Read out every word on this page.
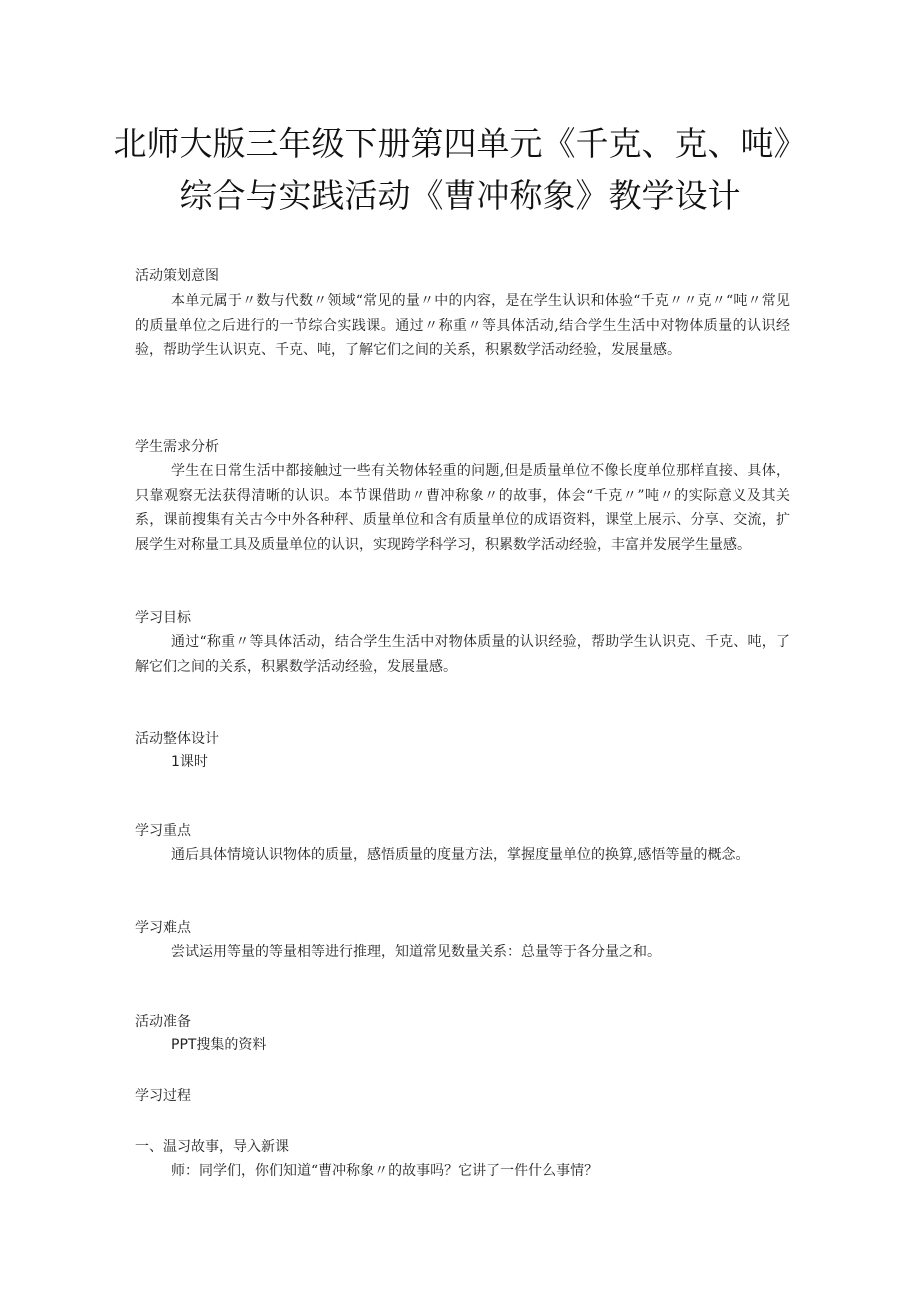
北师大版三年级下册第四单元《千克、克、吨》
综合与实践活动《曹冲称象》教学设计
活动策划意图
本单元属于〃数与代数〃领域“常见的量〃中的内容，是在学生认识和体验“千克〃〃克〃“吨〃常见的质量单位之后进行的一节综合实践课。通过〃称重〃等具体活动,结合学生生活中对物体质量的认识经验，帮助学生认识克、千克、吨，了解它们之间的关系，积累数学活动经验，发展量感。
学生需求分析
学生在日常生活中都接触过一些有关物体轻重的问题,但是质量单位不像长度单位那样直接、具体，只靠观察无法获得清晰的认识。本节课借助〃曹冲称象〃的故事，体会“千克〃”吨〃的实际意义及其关系，课前搜集有关古今中外各种秤、质量单位和含有质量单位的成语资料，课堂上展示、分享、交流，扩展学生对称量工具及质量单位的认识，实现跨学科学习，积累数学活动经验，丰富并发展学生量感。
学习目标
通过“称重〃等具体活动，结合学生生活中对物体质量的认识经验，帮助学生认识克、千克、吨，了解它们之间的关系，积累数学活动经验，发展量感。
活动整体设计
1课时
学习重点
通后具体情境认识物体的质量，感悟质量的度量方法，掌握度量单位的换算,感悟等量的概念。
学习难点
尝试运用等量的等量相等进行推理，知道常见数量关系：总量等于各分量之和。
活动准备
PPT搜集的资料
学习过程
一、温习故事，导入新课
师：同学们，你们知道“曹冲称象〃的故事吗？它讲了一件什么事情？
